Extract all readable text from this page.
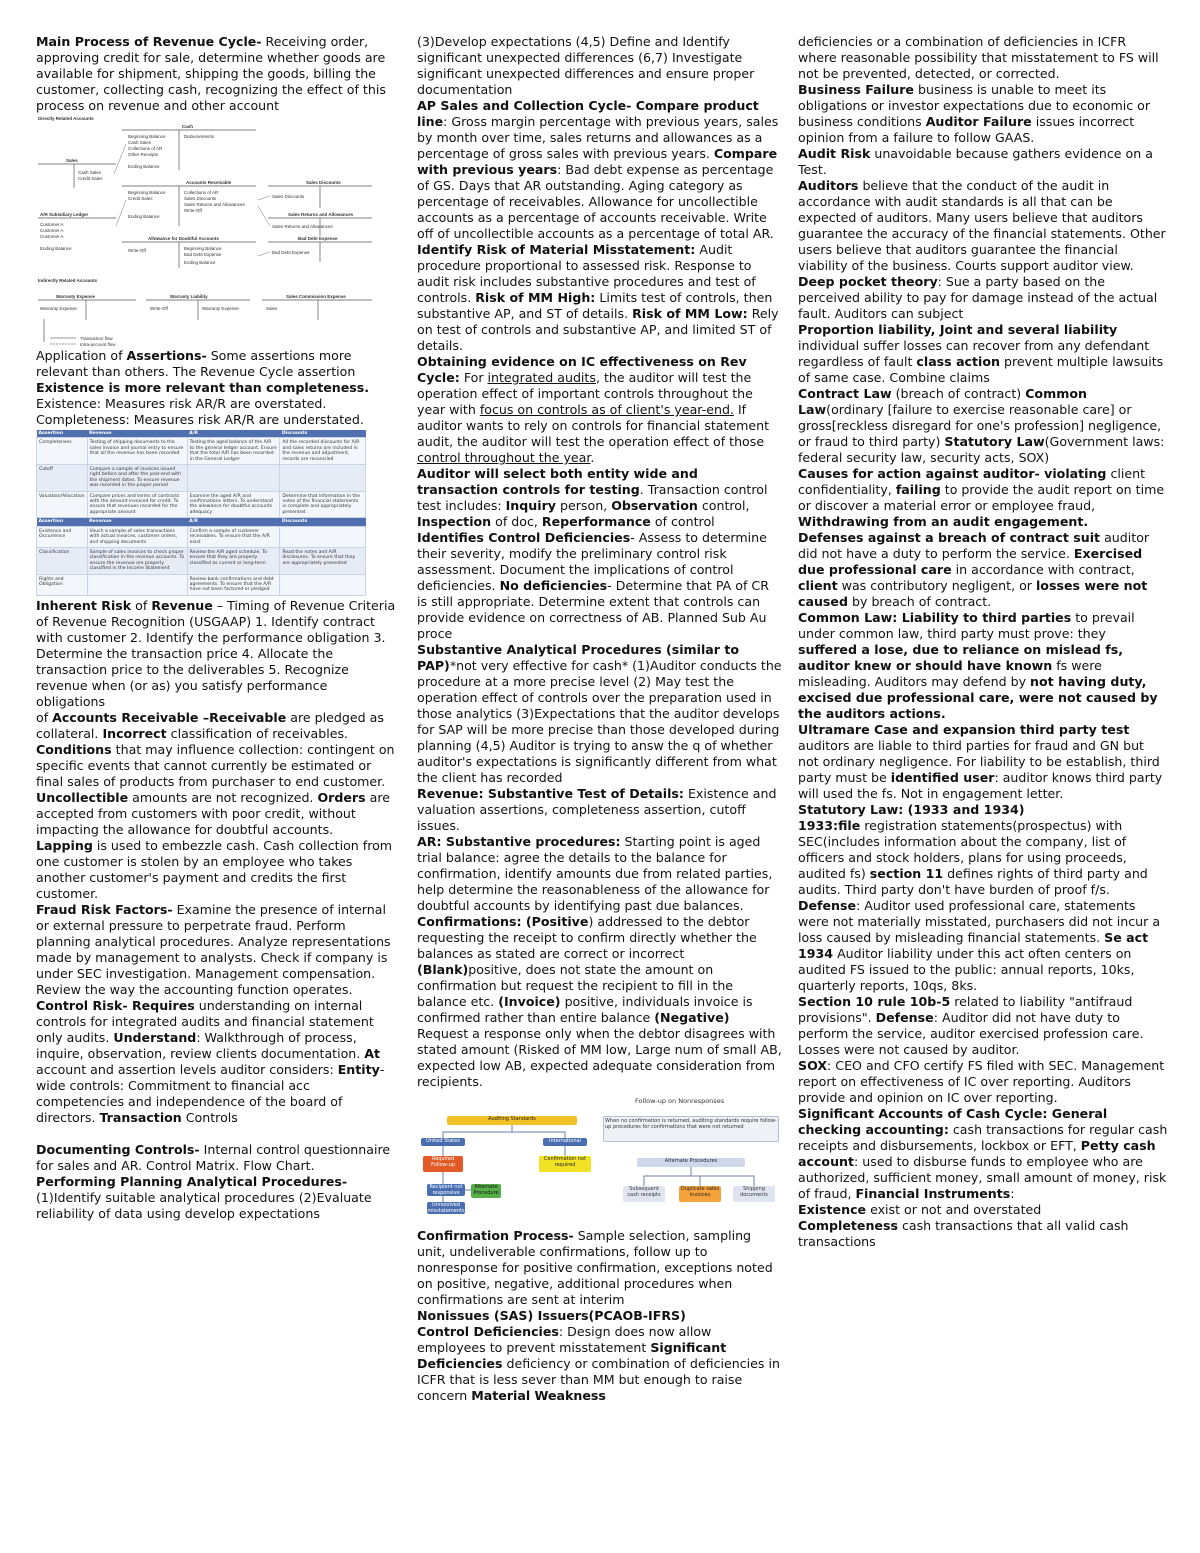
Main Process of Revenue Cycle- Receiving order, approving credit for sale, determine whether goods are available for shipment, shipping the goods, billing the customer, collecting cash, recognizing the effect of this process on revenue and other account

Directly Related Accounts
Cash
Beginning Balance
Cash Sales
Collections of AR
Other Receipts
Ending Balance
Disbursements
Sales
Cash Sales
Credit Sales
Accounts Receivable
Beginning Balance
Credit Sales
Ending Balance
Collections of AR
Sales Discounts
Sales Returns and Allowances
Write-Off
Sales Discounts
Sales Discounts
Sales Returns and Allowances
Sales Returns and Allowances
A/R Subsidiary Ledger
Customer A
Customer A
Customer A
Ending Balance
Allowance for Doubtful Accounts
Write-Off	Beginning Balance
Bad Debt Expense
Ending Balance
Bad Debt Expense
Bad Debt Expense
Indirectly Related Accounts
Warranty Expense
Warranty Expense
Warranty Liability
Write-Off	Warranty Expense
Sales Commission Expense
Sales
Transaction flow
Intra-account flow

Application of Assertions- Some assertions more relevant than others. The Revenue Cycle assertion Existence is more relevant than completeness. Existence: Measures risk AR/R are overstated. Completeness: Measures risk AR/R are understated.

Assertion	Revenue	A/R	Discounts
Completeness	Testing of shipping documents to the sales invoice and journal entry to ensure that all the revenue has been recorded	Testing the aged balance of the A/R to the general ledger account. Ensure that the total A/R has been recorded in the General Ledger	All the recorded discounts for A/R and sales returns are included in the revenue and adjustment, records are reconciled
Cutoff	Compare a sample of invoices issued right before and after the year-end with the shipment dates. To ensure revenue was recorded in the proper period		
Valuation/Allocation	Compare prices and terms of contracts with the amount invoiced for credit. To ensure that revenues recorded for the appropriate amount	Examine the aged A/R and confirmations letters. To understand the allowance for doubtful accounts adequacy	Determine that information in the notes of the financial statements is complete and appropriately presented
Assertion	Revenue	A/R	Discounts
Existence and Occurrence	Vouch a sample of sales transactions with actual invoices, customer orders, and shipping documents	Confirm a sample of customer receivables. To ensure that the A/R exist	
Classification	Sample of sales invoices to check proper classification in the revenue accounts. To ensure the revenue are properly classified in the Income Statement	Review the A/R aged schedule. To ensure that they are properly classified as current or long-term	Read the notes and A/R disclosures. To ensure that they are appropriately presented
Rights and Obligation		Review bank confirmations and debt agreements. To ensure that the A/R have not been factored or pledged	

Inherent Risk of Revenue – Timing of Revenue Criteria of Revenue Recognition (USGAAP) 1. Identify contract with customer 2. Identify the performance obligation 3. Determine the transaction price 4. Allocate the transaction price to the deliverables 5. Recognize revenue when (or as) you satisfy performance obligations

of Accounts Receivable –Receivable are pledged as collateral. Incorrect classification of receivables.

Conditions that may influence collection: contingent on specific events that cannot currently be estimated or final sales of products from purchaser to end customer. Uncollectible amounts are not recognized. Orders are accepted from customers with poor credit, without impacting the allowance for doubtful accounts.

Lapping is used to embezzle cash. Cash collection from one customer is stolen by an employee who takes another customer's payment and credits the first customer.

Fraud Risk Factors- Examine the presence of internal or external pressure to perpetrate fraud. Perform planning analytical procedures. Analyze representations made by management to analysts. Check if company is under SEC investigation. Management compensation. Review the way the accounting function operates.

Control Risk- Requires understanding on internal controls for integrated audits and financial statement only audits. Understand: Walkthrough of process, inquire, observation, review clients documentation. At account and assertion levels auditor considers: Entity-wide controls: Commitment to financial acc competencies and independence of the board of directors. Transaction Controls

Documenting Controls- Internal control questionnaire for sales and AR. Control Matrix. Flow Chart.

Performing Planning Analytical Procedures- (1)Identify suitable analytical procedures (2)Evaluate reliability of data using develop expectations

(3)Develop expectations (4,5) Define and Identify significant unexpected differences (6,7) Investigate significant unexpected differences and ensure proper documentation

AP Sales and Collection Cycle- Compare product line: Gross margin percentage with previous years, sales by month over time, sales returns and allowances as a percentage of gross sales with previous years. Compare with previous years: Bad debt expense as percentage of GS. Days that AR outstanding. Aging category as percentage of receivables. Allowance for uncollectible accounts as a percentage of accounts receivable. Write off of uncollectible accounts as a percentage of total AR.

Identify Risk of Material Misstatement: Audit procedure proportional to assessed risk. Response to audit risk includes substantive procedures and test of controls. Risk of MM High: Limits test of controls, then substantive AP, and ST of details. Risk of MM Low: Rely on test of controls and substantive AP, and limited ST of details.

Obtaining evidence on IC effectiveness on Rev Cycle: For integrated audits, the auditor will test the operation effect of important controls throughout the year with focus on controls as of client's year-end. If auditor wants to rely on controls for financial statement audit, the auditor will test the operation effect of those control throughout the year.

Auditor will select both entity wide and transaction controls for testing. Transaction control test includes: Inquiry person, Observation control, Inspection of doc, Reperformance of control

Identifies Control Deficiencies- Assess to determine their severity, modify the preliminary control risk assessment. Document the implications of control deficiencies. No deficiencies- Determine that PA of CR is still appropriate. Determine extent that controls can provide evidence on correctness of AB. Planned Sub Au proce

Substantive Analytical Procedures (similar to PAP)*not very effective for cash* (1)Auditor conducts the procedure at a more precise level (2) May test the operation effect of controls over the preparation used in those analytics (3)Expectations that the auditor develops for SAP will be more precise than those developed during planning (4,5) Auditor is trying to answ the q of whether auditor's expectations is significantly different from what the client has recorded

Revenue: Substantive Test of Details: Existence and valuation assertions, completeness assertion, cutoff issues.

AR: Substantive procedures: Starting point is aged trial balance: agree the details to the balance for confirmation, identify amounts due from related parties, help determine the reasonableness of the allowance for doubtful accounts by identifying past due balances.

Confirmations: (Positive) addressed to the debtor requesting the receipt to confirm directly whether the balances as stated are correct or incorrect (Blank)positive, does not state the amount on confirmation but request the recipient to fill in the balance etc. (Invoice) positive, individuals invoice is confirmed rather than entire balance (Negative) Request a response only when the debtor disagrees with stated amount (Risked of MM low, Large num of small AB, expected low AB, expected adequate consideration from recipients.

Follow-up on Nonresponses
Auditing Standards
United States	International
Required Follow-up
Confirmation not required
Recipient not responsive
Alternate Procedure
Unresolved misstatements
When no confirmation is returned, auditing standards require follow-up procedures for confirmations that were not returned
Alternate Procedures
Subsequent cash receipts
Duplicate sales invoices
Shipping documents

Confirmation Process- Sample selection, sampling unit, undeliverable confirmations, follow up to nonresponse for positive confirmation, exceptions noted on positive, negative, additional procedures when confirmations are sent at interim

Nonissues (SAS) Issuers(PCAOB-IFRS)

Control Deficiencies: Design does now allow employees to prevent misstatement Significant Deficiencies deficiency or combination of deficiencies in ICFR that is less sever than MM but enough to raise concern Material Weakness

deficiencies or a combination of deficiencies in ICFR where reasonable possibility that misstatement to FS will not be prevented, detected, or corrected.

Business Failure business is unable to meet its obligations or investor expectations due to economic or business conditions Auditor Failure issues incorrect opinion from a failure to follow GAAS.

Audit Risk unavoidable because gathers evidence on a Test.

Auditors believe that the conduct of the audit in accordance with audit standards is all that can be expected of auditors. Many users believe that auditors guarantee the accuracy of the financial statements. Other users believe that auditors guarantee the financial viability of the business. Courts support auditor view.

Deep pocket theory: Sue a party based on the perceived ability to pay for damage instead of the actual fault. Auditors can subject

Proportion liability, Joint and several liability individual suffer losses can recover from any defendant regardless of fault class action prevent multiple lawsuits of same case. Combine claims

Contract Law (breach of contract) Common Law(ordinary [failure to exercise reasonable care] or gross[reckless disregard for one's profession] negligence, or fraud to third party) Statutory Law(Government laws: federal security law, security acts, SOX)

Causes for action against auditor- violating client confidentiality, failing to provide the audit report on time or discover a material error or employee fraud, Withdrawing from an audit engagement.

Defenses against a breach of contract suit auditor did not have a duty to perform the service. Exercised due professional care in accordance with contract, client was contributory negligent, or losses were not caused by breach of contract.

Common Law: Liability to third parties to prevail under common law, third party must prove: they suffered a lose, due to reliance on mislead fs, auditor knew or should have known fs were misleading. Auditors may defend by not having duty, excised due professional care, were not caused by the auditors actions.

Ultramare Case and expansion third party test auditors are liable to third parties for fraud and GN but not ordinary negligence. For liability to be establish, third party must be identified user: auditor knows third party will used the fs. Not in engagement letter.

Statutory Law: (1933 and 1934)

1933:file registration statements(prospectus) with SEC(includes information about the company, list of officers and stock holders, plans for using proceeds, audited fs) section 11 defines rights of third party and audits. Third party don't have burden of proof f/s.

Defense: Auditor used professional care, statements were not materially misstated, purchasers did not incur a loss caused by misleading financial statements. Se act 1934 Auditor liability under this act often centers on audited FS issued to the public: annual reports, 10ks, quarterly reports, 10qs, 8ks.

Section 10 rule 10b-5 related to liability "antifraud provisions". Defense: Auditor did not have duty to perform the service, auditor exercised profession care. Losses were not caused by auditor.

SOX: CEO and CFO certify FS filed with SEC. Management report on effectiveness of IC over reporting. Auditors provide and opinion on IC over reporting.

Significant Accounts of Cash Cycle: General checking accounting: cash transactions for regular cash receipts and disbursements, lockbox or EFT, Petty cash account: used to disburse funds to employee who are authorized, sufficient money, small amount of money, risk of fraud, Financial Instruments:

Existence exist or not and overstated

Completeness cash transactions that all valid cash transactions
